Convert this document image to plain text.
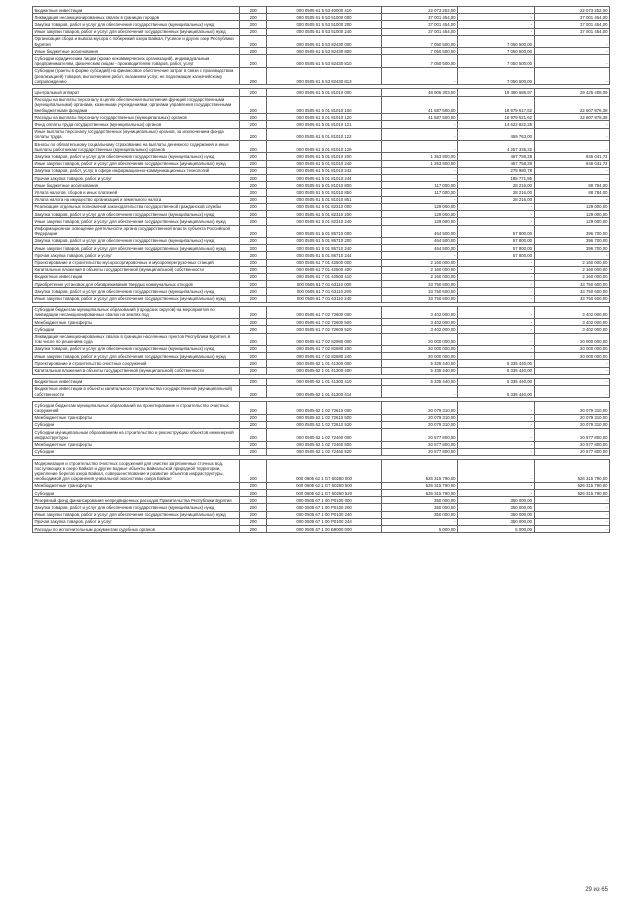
Бюджетные инвестиции	200	000 0505 61 5 53 40000 410	22 073 252,00		22 073 252,00
Ликвидация несанкционированных свалок в границах городов	200	000 0505 61 5 53 51000 000	37 001 454,00	-	37 001 454,00
Закупка товаров, работ и услуг для обеспечения государственных (муниципальных) нужд	200	000 0505 61 5 53 51000 200	37 001 454,00	-	37 001 454,00
Иные закупки товаров, работ и услуг для обеспечения государственных (муниципальных) нужд	200	000 0505 61 5 53 51000 240	37 001 454,00	-	37 001 454,00
Организация сбора и вывоза мусора с побережий озера Байкал, Гусиное и других озер Республики Бурятия	200	000 0505 61 5 53 82430 000	7 050 500,00	7 050 500,00	-
Иные бюджетные ассигнования	200	000 0505 61 5 53 82430 800	7 050 500,00	7 050 500,00	-
Субсидии юридическим лицам (кроме некоммерческих организаций), индивидуальным предпринимателям, физическим лицам - производителям товаров, работ, услуг	200	000 0505 61 5 53 82430 810	7 050 500,00	7 050 500,00	-
Субсидии (гранты в форме субсидий) на финансовое обеспечение затрат в связи с производством (реализацией) товаров, выполнением работ, оказанием услуг, не подлежащие казначейскому сопровождению	200	000 0505 61 5 53 82430 813	-	7 050 500,00	-

Центральный аппарат	200	000 0505 61 5 01 81010 000	48 906 303,00	19 480 685,97	29 425 408,09
Расходы на выплаты персоналу в целях обеспечения выполнения функций государственными (муниципальными) органами, казенными учреждениями, органами управления государственными внебюджетными фондами	200	000 0505 61 5 01 81010 100	41 587 500,00	18 979 617,62	22 607 876,38
Расходы на выплаты персоналу государственных (муниципальных) органов	200	000 0505 61 5 01 81010 120	41 587 500,00	18 979 621,62	22 607 878,38
Фонд оплаты труда государственных (муниципальных) органов	200	000 0505 61 5 01 81010 121	-	14 622 822,35	-
Иные выплаты персоналу государственных (муниципальных) органов, за исключением фонда оплаты труда	200	000 0505 61 5 01 81010 122	-	459 763,00	-
Взносы по обязательному социальному страхованию на выплаты денежного содержания и иные выплаты работникам государственных (муниципальных) органов	200	000 0505 61 5 01 81010 129	-	4 257 335,32	-
Закупка товаров, работ и услуг для обеспечения государственных (муниципальных) нужд	200	000 0505 61 5 01 81010 200	1 353 800,00	467 759,28	846 041,72
Иные закупки товаров, работ и услуг для обеспечения государственных (муниципальных) нужд	200	000 0505 61 5 01 81010 240	1 353 800,00	467 758,28	846 041,72
Закупка товаров, работ, услуг в сфере информационно-коммуникационных технологий	200	000 0505 61 5 01 81010 242	-	278 980,78	-
Прочая закупка товаров, работ и услуг	200	000 0505 61 5 01 81010 244	-	188 771,85	-
Иные бюджетные ассигнования	200	000 0505 61 5 01 81010 800	117 000,00	28 216,00	88 784,00
Уплата налогов, сборов и иных платежей	200	000 0505 61 5 01 81010 850	117 000,00	28 216,00	88 784,00
Уплата налога на имущество организаций и земельного налога	200	000 0505 61 5 01 81010 851	-	28 216,00	-
Реализация отдельных полномочий законодательства государственной гражданской службы	200	000 0505 61 5 01 82310 000	129 000,00	-	129 000,00
Закупка товаров, работ и услуг для обеспечения государственных (муниципальных) нужд	200	000 0505 61 5 01 82310 200	129 000,00	-	129 000,00
Иные закупки товаров, работ и услуг для обеспечения государственных (муниципальных) нужд	200	000 0505 61 5 01 82310 240	129 000,00	-	129 000,00
Информационное освещение деятельности органа государственной власти субъекта Российской Федерации	200	000 0505 61 5 01 86710 000	464 500,00	57 800,00	396 700,00
Закупка товаров, работ и услуг для обеспечения государственных (муниципальных) нужд	200	000 0505 61 5 01 86710 200	464 500,00	57 800,00	396 700,00
Иные закупки товаров, работ и услуг для обеспечения государственных (муниципальных) нужд	200	000 0505 61 5 01 86710 240	464 500,00	57 800,00	396 700,00
Прочая закупка товаров, работ и услуг	200	000 0505 61 5 01 86710 244	-	57 800,00	-
Проектирование и строительство мусоросортировочных и мусороперегрузочных станций	200	000 0505 61 7 01 42500 000	2 160 000,00	-	2 160 000,00
Капитальные вложения в объекты государственной (муниципальной) собственности	200	000 0505 61 7 01 42500 400	2 160 000,00	-	2 160 000,00
Бюджетные инвестиции	200	000 0505 61 7 01 42500 410	2 160 000,00	-	2 160 000,00
Приобретение установок для обезвреживания твердых коммунальных отходов	200	000 0505 61 7 01 63110 000	33 750 600,00	-	33 750 600,00
Закупка товаров, работ и услуг для обеспечения государственных (муниципальных) нужд	200	000 0505 61 7 01 63110 200	33 750 600,00	-	33 750 600,00
Иные закупки товаров, работ и услуг для обеспечения государственных (муниципальных) нужд	200	000 0505 61 7 01 63110 240	33 750 600,00	-	33 750 600,00

Субсидии бюджетам муниципальных образований (городских округов) на мероприятия по ликвидации несанкционированных свалок на землях под	200	000 0505 61 7 02 72600 000	3 402 000,00	-	3 402 000,00
Межбюджетные трансферты	200	000 0505 61 7 02 72600 500	3 402 000,00	-	3 402 000,00
Субсидии	200	000 0505 61 7 02 72600 520	3 402 000,00	-	3 402 000,00
Ликвидация несанкционированных свалок в границах населенных пунктов Республики Бурятия, в том числе по решениям суда	200	000 0505 61 7 02 82980 000	20 000 000,00	-	20 000 000,00
Закупка товаров, работ и услуг для обеспечения государственных (муниципальных) нужд	200	000 0505 61 7 02 82980 200	20 000 000,00	-	20 000 000,00
Иные закупки товаров, работ и услуг для обеспечения государственных (муниципальных) нужд	200	000 0505 61 7 02 82980 240	20 000 000,00	-	20 000 000,00
Проектирование и строительство очистных сооружений	200	000 0505 62 1 01 41300 000	5 335 440,00	5 335 440,00	-
Капитальные вложения в объекты государственной (муниципальной) собственности	200	000 0505 62 1 01 41300 400	5 335 440,00	5 335 440,00	-

Бюджетные инвестиции	200	000 0505 62 1 01 41300 410	5 335 440,00	5 335 440,00	-
Бюджетные инвестиции в объекты капитального строительства государственной (муниципальной) собственности	200	000 0505 62 1 01 41300 414	-	5 335 440,00	-

Субсидии бюджетам муниципальных образований на проектирование и строительство очистных сооружений	200	000 0505 62 1 02 72610 000	20 079 310,00	-	20 079 310,00
Межбюджетные трансферты	200	000 0505 62 1 02 72610 500	20 079 310,00	-	20 079 310,00
Субсидии	200	000 0505 62 1 02 72610 520	20 079 310,00	-	20 079 310,00
Субсидии муниципальным образованиям на строительство и реконструкцию объектов инженерной инфраструктуры	200	000 0505 62 1 02 72460 000	20 577 800,00	-	20 577 800,00
Межбюджетные трансферты	200	000 0505 62 1 02 72460 500	20 577 800,00	-	20 577 800,00
Субсидии	200	000 0505 62 1 02 72460 520	20 577 800,00	-	20 577 800,00

Модернизация и строительство очистных сооружений для очистки загрязненных сточных вод, поступающих в озеро Байкал и другие водные объекты Байкальской природной территории, укрепление берегов озера Байкал, совершенствование и развитие объектов инфраструктуры, необходимой для сохранения уникальной экосистемы озера Байкал	200	000 0505 62 1 G7 50250 000	526 315 790,00	-	526 315 790,00
Межбюджетные трансферты	200	000 0505 62 1 G7 50250 500	526 315 790,00	-	526 315 790,00
Субсидии	200	000 0505 62 1 G7 50250 520	526 315 790,00	-	526 315 790,00
Резервный фонд финансирования непредвиденных расходов Правительства Республики Бурятия	200	000 0505 67 1 00 P0100 000	350 000,00	350 000,00	-
Закупка товаров, работ и услуг для обеспечения государственных (муниципальных) нужд	200	000 0505 67 1 00 P0100 200	350 000,00	350 000,00	-
Иные закупки товаров, работ и услуг для обеспечения государственных (муниципальных) нужд	200	000 0505 67 1 00 P0100 240	350 000,00	350 000,00	-
Прочая закупка товаров, работ и услуг	200	000 0505 67 1 00 P0100 244	-	350 000,00	-
Расходы по исполнительным документам судебных органов	200	000 0505 67 1 00 Б9000 000	5 000,00	5 000,00	-
29 из 65
